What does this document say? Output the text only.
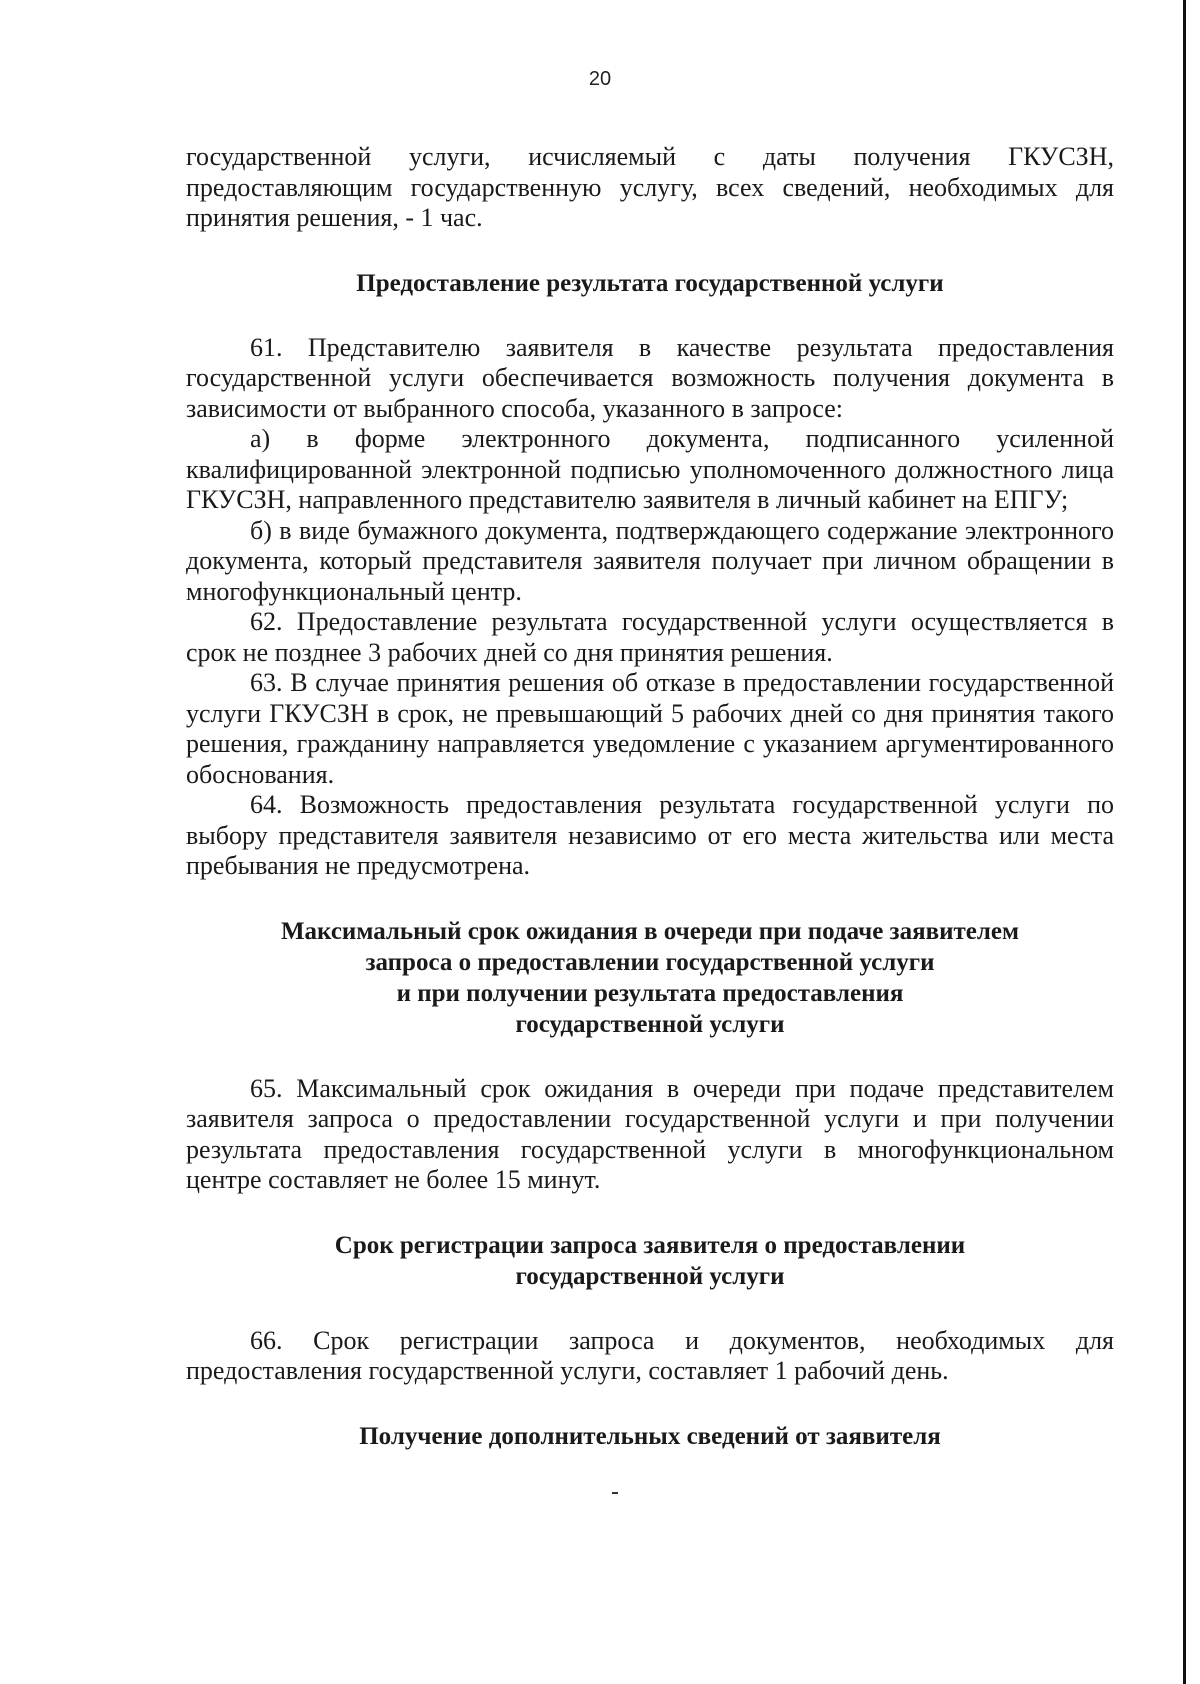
20

государственной услуги, исчисляемый с даты получения ГКУСЗН, предоставляющим государственную услугу, всех сведений, необходимых для принятия решения, - 1 час.

Предоставление результата государственной услуги

61. Представителю заявителя в качестве результата предоставления государственной услуги обеспечивается возможность получения документа в зависимости от выбранного способа, указанного в запросе:

а) в форме электронного документа, подписанного усиленной квалифицированной электронной подписью уполномоченного должностного лица ГКУСЗН, направленного представителю заявителя в личный кабинет на ЕПГУ;

б) в виде бумажного документа, подтверждающего содержание электронного документа, который представителя заявителя получает при личном обращении в многофункциональный центр.

62. Предоставление результата государственной услуги осуществляется в срок не позднее 3 рабочих дней со дня принятия решения.

63. В случае принятия решения об отказе в предоставлении государственной услуги ГКУСЗН в срок, не превышающий 5 рабочих дней со дня принятия такого решения, гражданину направляется уведомление с указанием аргументированного обоснования.

64. Возможность предоставления результата государственной услуги по выбору представителя заявителя независимо от его места жительства или места пребывания не предусмотрена.

Максимальный срок ожидания в очереди при подаче заявителем
запроса о предоставлении государственной услуги
и при получении результата предоставления
государственной услуги

65. Максимальный срок ожидания в очереди при подаче представителем заявителя запроса о предоставлении государственной услуги и при получении результата предоставления государственной услуги в многофункциональном центре составляет не более 15 минут.

Срок регистрации запроса заявителя о предоставлении
государственной услуги

66. Срок регистрации запроса и документов, необходимых для предоставления государственной услуги, составляет 1 рабочий день.

Получение дополнительных сведений от заявителя
